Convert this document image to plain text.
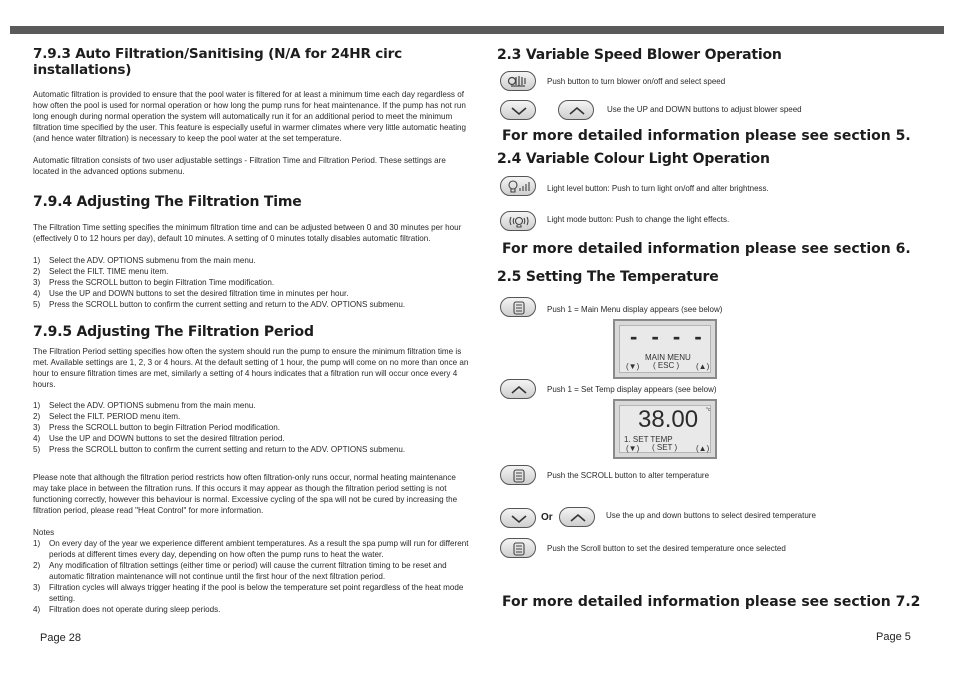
7.9.3 Auto Filtration/Sanitising (N/A for 24HR circ installations)

Automatic filtration is provided to ensure that the pool water is filtered for at least a minimum time each day regardless of how often the pool is used for normal operation or how long the pump runs for heat maintenance. If the pump has not run long enough during normal operation the system will automatically run it for an additional period to meet the minimum filtration time specified by the user. This feature is especially useful in warmer climates where very little automatic heating (and hence water filtration) is necessary to keep the pool water at the set temperature.

Automatic filtration consists of two user adjustable settings - Filtration Time and Filtration Period. These settings are located in the advanced options submenu.

7.9.4 Adjusting The Filtration Time

The Filtration Time setting specifies the minimum filtration time and can be adjusted between 0 and 30 minutes per hour (effectively 0 to 12 hours per day), default 10 minutes. A setting of 0 minutes totally disables automatic filtration.

1)	Select the ADV. OPTIONS submenu from the main menu.
2)	Select the FILT. TIME menu item.
3)	Press the SCROLL button to begin Filtration Time modification.
4)	Use the UP and DOWN buttons to set the desired filtration time in minutes per hour.
5)	Press the SCROLL button to confirm the current setting and return to the ADV. OPTIONS submenu.
7.9.5 Adjusting The Filtration Period

The Filtration Period setting specifies how often the system should run the pump to ensure the minimum filtration time is met. Available settings are 1, 2, 3 or 4 hours. At the default setting of 1 hour, the pump will come on no more than once an hour to ensure filtration times are met, similarly a setting of 4 hours indicates that a filtration run will occur once every 4 hours.

1)	Select the ADV. OPTIONS submenu from the main menu.
2)	Select the FILT. PERIOD menu item.
3)	Press the SCROLL button to begin Filtration Period modification.
4)	Use the UP and DOWN buttons to set the desired filtration period.
5)	Press the SCROLL button to confirm the current setting and return to the ADV. OPTIONS submenu.

Please note that although the filtration period restricts how often filtration-only runs occur, normal heating maintenance may take place in between the filtration runs. If this occurs it may appear as though the filtration period setting is not functioning correctly, however this behaviour is normal. Excessive cycling of the spa will not be cured by increasing the filtration period, please read "Heat Control" for more information.

Notes

1)	On every day of the year we experience different ambient temperatures. As a result the spa pump will run for different periods at different times every day, depending on how often the pump runs to heat the water.
2)	Any modification of filtration settings (either time or period) will cause the current filtration timing to be reset and automatic filtration maintenance will not continue until the first hour of the next filtration period.
3)	Filtration cycles will always trigger heating if the pool is below the temperature set point regardless of the heat mode setting.
4)	Filtration does not operate during sleep periods.
Page 28
2.3 Variable Speed Blower Operation
Push button to turn blower on/off and select speed
Use the UP and DOWN buttons to adjust blower speed
For more detailed information please see section 5.
2.4 Variable Colour Light Operation
Light level button: Push to turn light on/off and alter brightness.
Light mode button: Push to change the light effects.
For more detailed information please see section 6.
2.5 Setting The Temperature
Push 1 = Main Menu display appears (see below)
- - - -
MAIN MENU
(▼) ( ESC ) (▲)
Push 1 = Set Temp display appears (see below)
38.00 °c
1. SET TEMP
(▼) ( SET ) (▲)
Push the SCROLL button to alter temperature
Or	Use the up and down buttons to select desired temperature
Push the Scroll button to set the desired temperature once selected
For more detailed information please see section 7.2
Page 5
